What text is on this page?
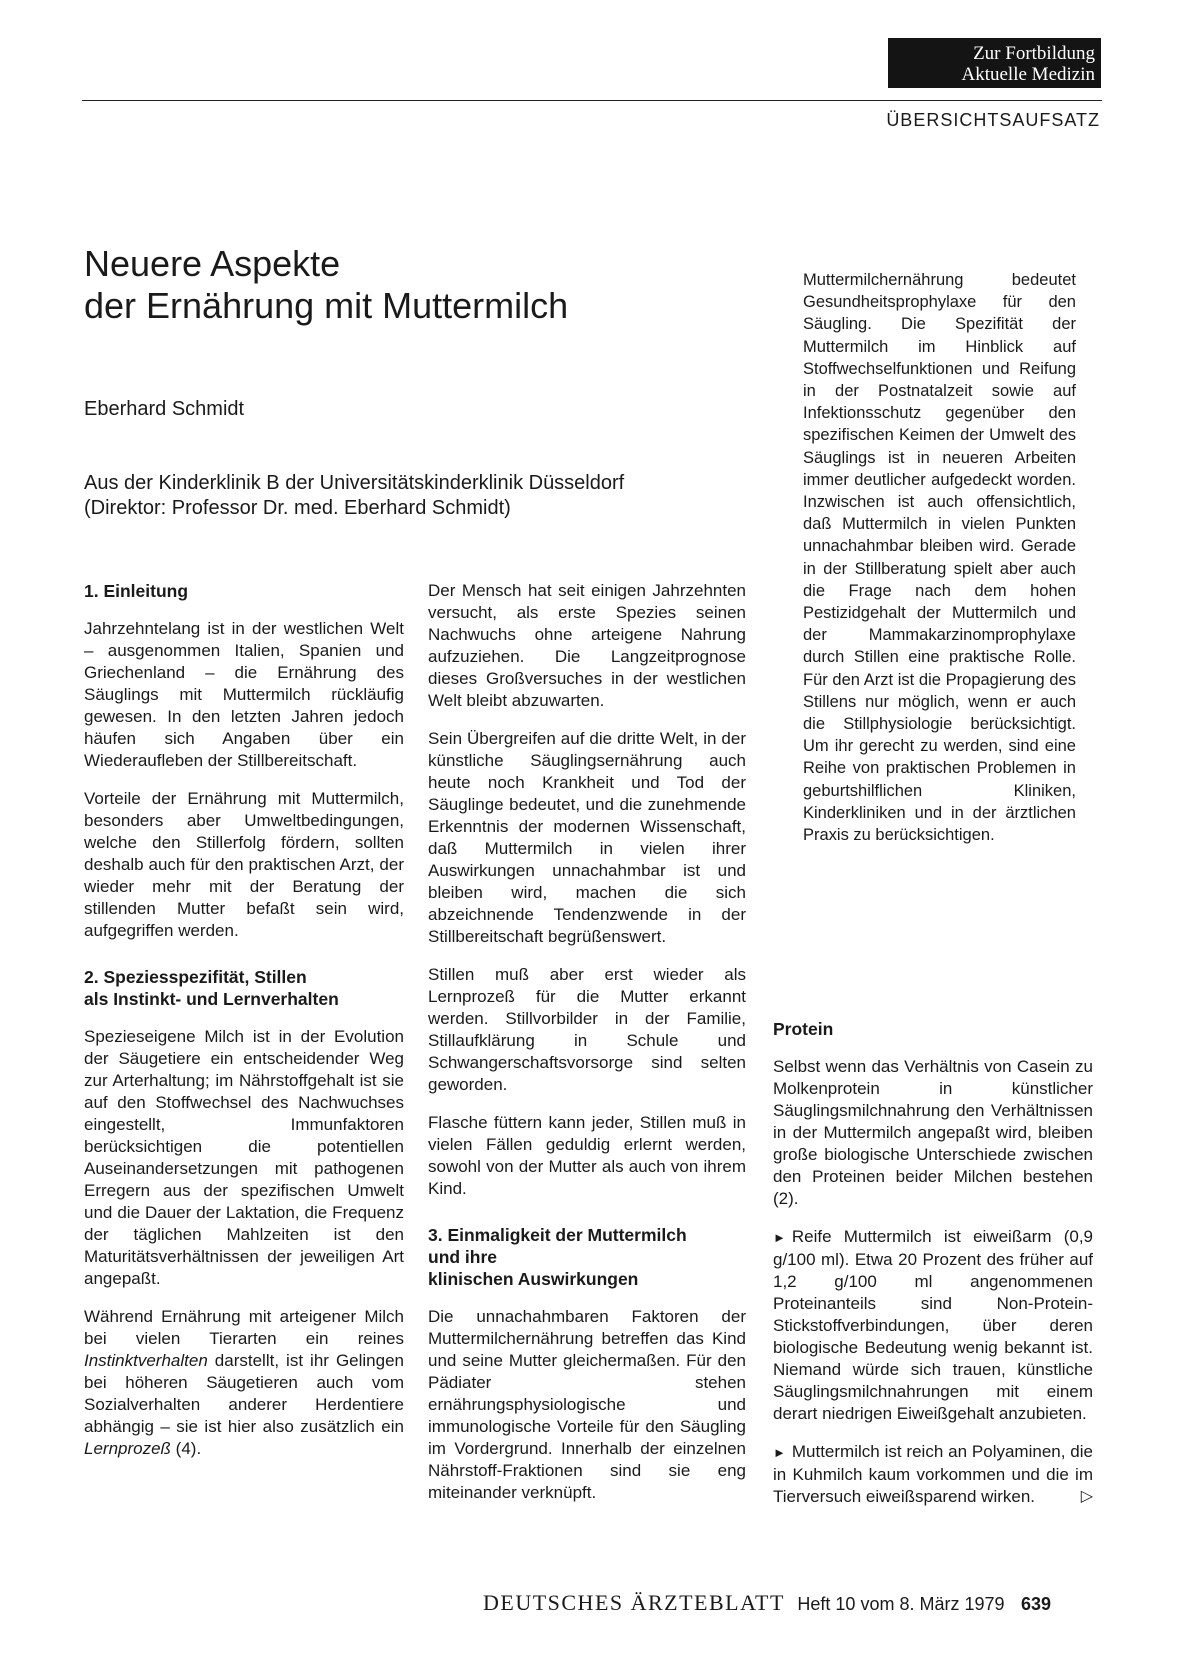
Zur Fortbildung
Aktuelle Medizin
ÜBERSICHTSAUFSATZ
Neuere Aspekte
der Ernährung mit Muttermilch
Eberhard Schmidt
Aus der Kinderklinik B der Universitätskinderklinik Düsseldorf
(Direktor: Professor Dr. med. Eberhard Schmidt)
1. Einleitung

Jahrzehntelang ist in der westlichen Welt – ausgenommen Italien, Spanien und Griechenland – die Ernährung des Säuglings mit Muttermilch rückläufig gewesen. In den letzten Jahren jedoch häufen sich Angaben über ein Wiederaufleben der Stillbereitschaft.

Vorteile der Ernährung mit Muttermilch, besonders aber Umweltbedingungen, welche den Stillerfolg fördern, sollten deshalb auch für den praktischen Arzt, der wieder mehr mit der Beratung der stillenden Mutter befaßt sein wird, aufgegriffen werden.

2. Speziesspezifität, Stillen
als Instinkt- und Lernverhalten

Spezieseigene Milch ist in der Evolution der Säugetiere ein entscheidender Weg zur Arterhaltung; im Nährstoffgehalt ist sie auf den Stoffwechsel des Nachwuchses eingestellt, Immunfaktoren berücksichtigen die potentiellen Auseinandersetzungen mit pathogenen Erregern aus der spezifischen Umwelt und die Dauer der Laktation, die Frequenz der täglichen Mahlzeiten ist den Maturitätsverhältnissen der jeweiligen Art angepaßt.

Während Ernährung mit arteigener Milch bei vielen Tierarten ein reines Instinktverhalten darstellt, ist ihr Gelingen bei höheren Säugetieren auch vom Sozialverhalten anderer Herdentiere abhängig – sie ist hier also zusätzlich ein Lernprozeß (4).

Der Mensch hat seit einigen Jahrzehnten versucht, als erste Spezies seinen Nachwuchs ohne arteigene Nahrung aufzuziehen. Die Langzeitprognose dieses Großversuches in der westlichen Welt bleibt abzuwarten.

Sein Übergreifen auf die dritte Welt, in der künstliche Säuglingsernährung auch heute noch Krankheit und Tod der Säuglinge bedeutet, und die zunehmende Erkenntnis der modernen Wissenschaft, daß Muttermilch in vielen ihrer Auswirkungen unnachahmbar ist und bleiben wird, machen die sich abzeichnende Tendenzwende in der Stillbereitschaft begrüßenswert.

Stillen muß aber erst wieder als Lernprozeß für die Mutter erkannt werden. Stillvorbilder in der Familie, Stillaufklärung in Schule und Schwangerschaftsvorsorge sind selten geworden.

Flasche füttern kann jeder, Stillen muß in vielen Fällen geduldig erlernt werden, sowohl von der Mutter als auch von ihrem Kind.

3. Einmaligkeit der Muttermilch
und ihre
klinischen Auswirkungen

Die unnachahmbaren Faktoren der Muttermilchernährung betreffen das Kind und seine Mutter gleichermaßen. Für den Pädiater stehen ernährungsphysiologische und immunologische Vorteile für den Säugling im Vordergrund. Innerhalb der einzelnen Nährstoff-Fraktionen sind sie eng miteinander verknüpft.

Muttermilchernährung bedeutet Gesundheitsprophylaxe für den Säugling. Die Spezifität der Muttermilch im Hinblick auf Stoffwechselfunktionen und Reifung in der Postnatalzeit sowie auf Infektionsschutz gegenüber den spezifischen Keimen der Umwelt des Säuglings ist in neueren Arbeiten immer deutlicher aufgedeckt worden. Inzwischen ist auch offensichtlich, daß Muttermilch in vielen Punkten unnachahmbar bleiben wird. Gerade in der Stillberatung spielt aber auch die Frage nach dem hohen Pestizidgehalt der Muttermilch und der Mammakarzinomprophylaxe durch Stillen eine praktische Rolle. Für den Arzt ist die Propagierung des Stillens nur möglich, wenn er auch die Stillphysiologie berücksichtigt. Um ihr gerecht zu werden, sind eine Reihe von praktischen Problemen in geburtshilflichen Kliniken, Kinderkliniken und in der ärztlichen Praxis zu berücksichtigen.

Protein

Selbst wenn das Verhältnis von Casein zu Molkenprotein in künstlicher Säuglingsmilchnahrung den Verhältnissen in der Muttermilch angepaßt wird, bleiben große biologische Unterschiede zwischen den Proteinen beider Milchen bestehen (2).

► Reife Muttermilch ist eiweißarm (0,9 g/100 ml). Etwa 20 Prozent des früher auf 1,2 g/100 ml angenommenen Proteinanteils sind Non-Protein-Stickstoffverbindungen, über deren biologische Bedeutung wenig bekannt ist. Niemand würde sich trauen, künstliche Säuglingsmilchnahrungen mit einem derart niedrigen Eiweißgehalt anzubieten.

► Muttermilch ist reich an Polyaminen, die in Kuhmilch kaum vorkommen und die im Tierversuch eiweißsparend wirken.	▷

DEUTSCHES ÄRZTEBLATT Heft 10 vom 8. März 1979 639
